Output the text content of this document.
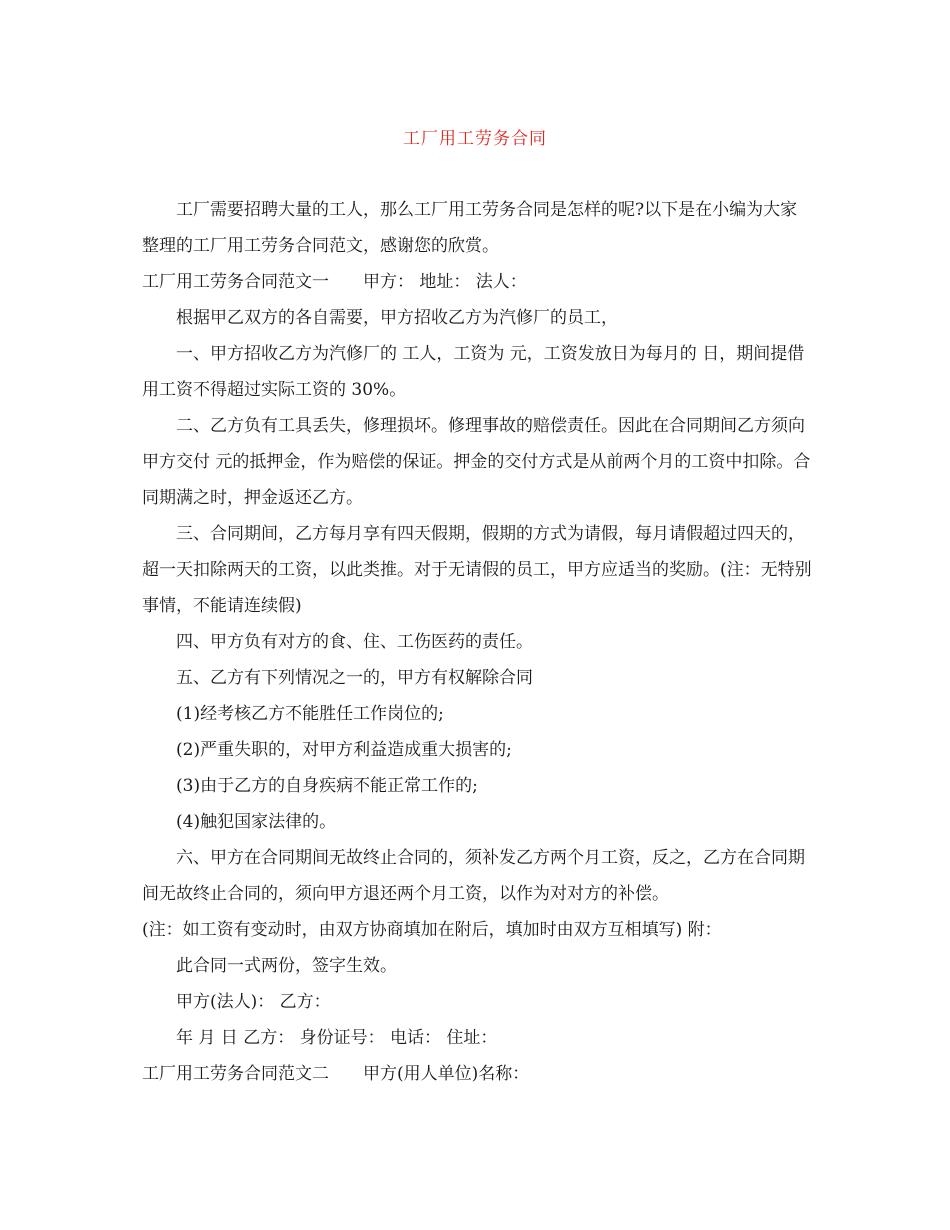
工厂用工劳务合同

工厂需要招聘大量的工人，那么工厂用工劳务合同是怎样的呢?以下是在小编为大家整理的工厂用工劳务合同范文，感谢您的欣赏。

工厂用工劳务合同范文一 甲方： 地址： 法人：

根据甲乙双方的各自需要，甲方招收乙方为汽修厂的员工，

一、甲方招收乙方为汽修厂的 工人，工资为 元，工资发放日为每月的 日，期间提借用工资不得超过实际工资的 30%。

二、乙方负有工具丢失，修理损坏。修理事故的赔偿责任。因此在合同期间乙方须向甲方交付 元的抵押金，作为赔偿的保证。押金的交付方式是从前两个月的工资中扣除。合同期满之时，押金返还乙方。

三、合同期间，乙方每月享有四天假期，假期的方式为请假，每月请假超过四天的，超一天扣除两天的工资，以此类推。对于无请假的员工，甲方应适当的奖励。(注：无特别事情，不能请连续假)

四、甲方负有对方的食、住、工伤医药的责任。

五、乙方有下列情况之一的，甲方有权解除合同

(1)经考核乙方不能胜任工作岗位的;

(2)严重失职的，对甲方利益造成重大损害的;

(3)由于乙方的自身疾病不能正常工作的;

(4)触犯国家法律的。

六、甲方在合同期间无故终止合同的，须补发乙方两个月工资，反之，乙方在合同期间无故终止合同的，须向甲方退还两个月工资，以作为对对方的补偿。

(注：如工资有变动时，由双方协商填加在附后，填加时由双方互相填写) 附：

此合同一式两份，签字生效。

甲方(法人)： 乙方：

年 月 日 乙方： 身份证号： 电话： 住址：

工厂用工劳务合同范文二 甲方(用人单位)名称：
